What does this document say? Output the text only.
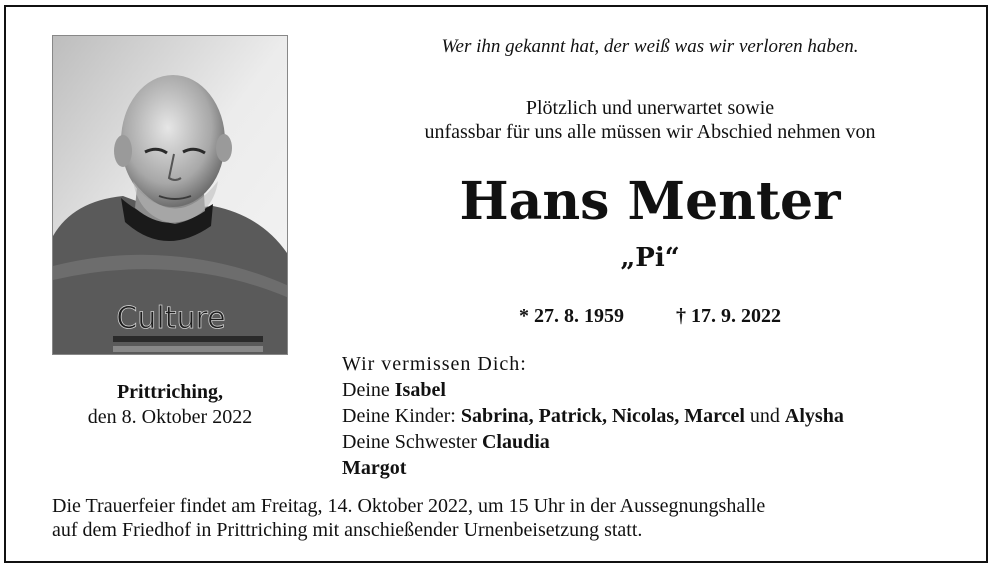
Culture
Wer ihn gekannt hat, der weiß was wir verloren haben.
Plötzlich und unerwartet sowie
unfassbar für uns alle müssen wir Abschied nehmen von
Hans Menter
„Pi“
* 27. 8. 1959	† 17. 9. 2022
Prittriching,
den 8. Oktober 2022
Wir vermissen Dich:
Deine Isabel
Deine Kinder: Sabrina, Patrick, Nicolas, Marcel und Alysha
Deine Schwester Claudia
Margot
Die Trauerfeier findet am Freitag, 14. Oktober 2022, um 15 Uhr in der Aussegnungshalle
auf dem Friedhof in Prittriching mit anschießender Urnenbeisetzung statt.
